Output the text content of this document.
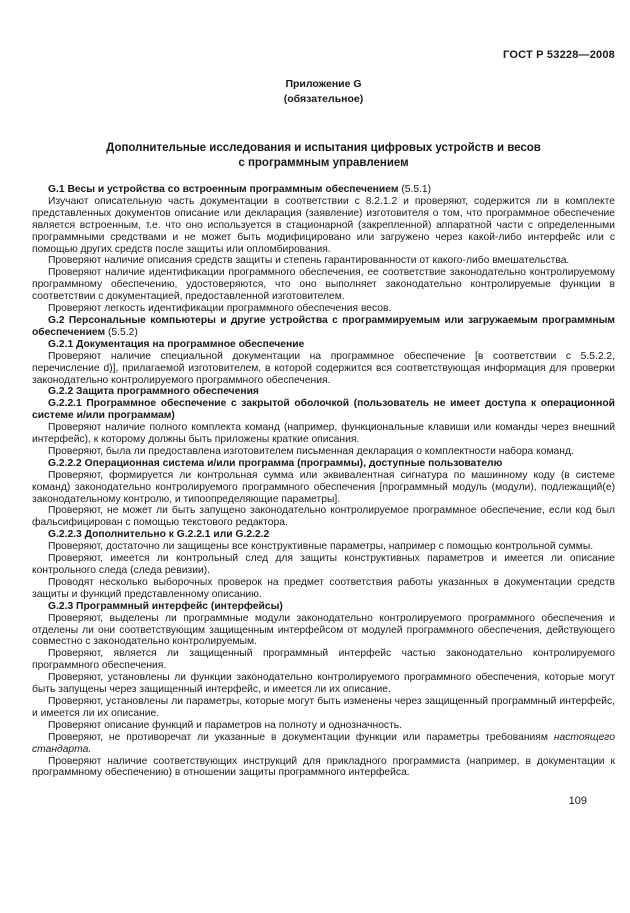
ГОСТ Р 53228—2008
Приложение G
(обязательное)
Дополнительные исследования и испытания цифровых устройств и весов
с программным управлением

G.1 Весы и устройства со встроенным программным обеспечением (5.5.1)

Изучают описательную часть документации в соответствии с 8.2.1.2 и проверяют, содержится ли в комплекте представленных документов описание или декларация (заявление) изготовителя о том, что программное обеспечение является встроенным, т.е. что оно используется в стационарной (закрепленной) аппаратной части с определенными программными средствами и не может быть модифицировано или загружено через какой-либо интерфейс или с помощью других средств после защиты или опломбирования.

Проверяют наличие описания средств защиты и степень гарантированности от какого-либо вмешательства.

Проверяют наличие идентификации программного обеспечения, ее соответствие законодательно контролируемому программному обеспечению, удостоверяются, что оно выполняет законодательно контролируемые функции в соответствии с документацией, предоставленной изготовителем.

Проверяют легкость идентификации программного обеспечения весов.

G.2 Персональные компьютеры и другие устройства с программируемым или загружаемым программным обеспечением (5.5.2)

G.2.1 Документация на программное обеспечение

Проверяют наличие специальной документации на программное обеспечение [в соответствии с 5.5.2.2, перечисление d)], прилагаемой изготовителем, в которой содержится вся соответствующая информация для проверки законодательно контролируемого программного обеспечения.

G.2.2 Защита программного обеспечения

G.2.2.1 Программное обеспечение с закрытой оболочкой (пользователь не имеет доступа к операционной системе и/или программам)

Проверяют наличие полного комплекта команд (например, функциональные клавиши или команды через внешний интерфейс), к которому должны быть приложены краткие описания.

Проверяют, была ли предоставлена изготовителем письменная декларация о комплектности набора команд.

G.2.2.2 Операционная система и/или программа (программы), доступные пользователю

Проверяют, формируется ли контрольная сумма или эквивалентная сигнатура по машинному коду (в системе команд) законодательно контролируемого программного обеспечения [программный модуль (модули), подлежащий(е) законодательному контролю, и типоопределяющие параметры].

Проверяют, не может ли быть запущено законодательно контролируемое программное обеспечение, если код был фальсифицирован с помощью текстового редактора.

G.2.2.3 Дополнительно к G.2.2.1 или G.2.2.2

Проверяют, достаточно ли защищены все конструктивные параметры, например с помощью контрольной суммы.

Проверяют, имеется ли контрольный след для защиты конструктивных параметров и имеется ли описание контрольного следа (следа ревизии).

Проводят несколько выборочных проверок на предмет соответствия работы указанных в документации средств защиты и функций представленному описанию.

G.2.3 Программный интерфейс (интерфейсы)

Проверяют, выделены ли программные модули законодательно контролируемого программного обеспечения и отделены ли они соответствующим защищенным интерфейсом от модулей программного обеспечения, действующего совместно с законодательно контролируемым.

Проверяют, является ли защищенный программный интерфейс частью законодательно контролируемого программного обеспечения.

Проверяют, установлены ли функции законодательно контролируемого программного обеспечения, которые могут быть запущены через защищенный интерфейс, и имеется ли их описание.

Проверяют, установлены ли параметры, которые могут быть изменены через защищенный программный интерфейс, и имеется ли их описание.

Проверяют описание функций и параметров на полноту и однозначность.

Проверяют, не противоречат ли указанные в документации функции или параметры требованиям настоящего стандарта.

Проверяют наличие соответствующих инструкций для прикладного программиста (например, в документации к программному обеспечению) в отношении защиты программного интерфейса.

109
